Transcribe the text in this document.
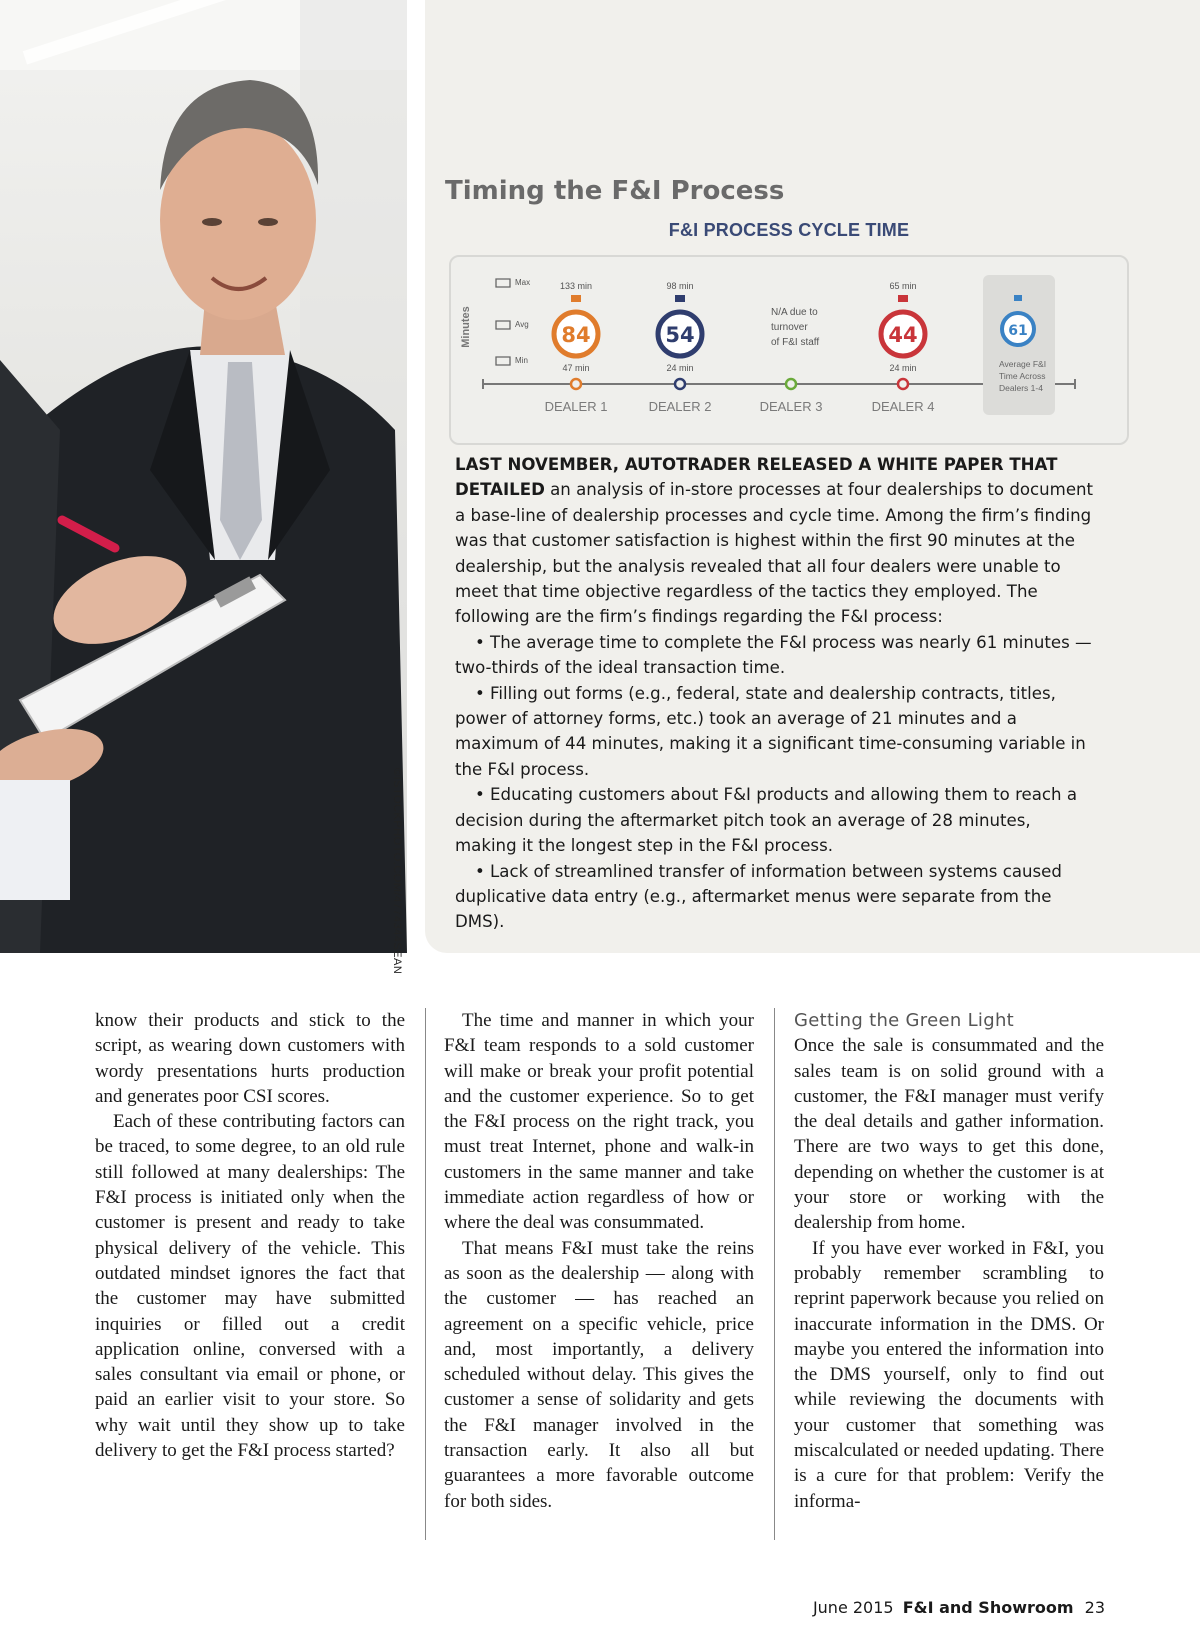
©ISTOCKPHOTO.COM/4774344SEAN
Timing the F&I Process
F&I PROCESS CYCLE TIME
Minutes
Max
Avg
Min
DEALER 1
133 min
84
47 min
DEALER 2
98 min
54
24 min
DEALER 3
N/A due to
turnover
of F&I staff
DEALER 4
65 min
44
24 min
61
Average F&I
Time Across
Dealers 1-4

LAST NOVEMBER, AUTOTRADER RELEASED A WHITE PAPER THAT DETAILED an analysis of in-store processes at four dealerships to document a base-line of dealership processes and cycle time. Among the firm’s finding was that customer satisfaction is highest within the first 90 minutes at the dealership, but the analysis revealed that all four dealers were unable to meet that time objective regardless of the tactics they employed. The following are the firm’s findings regarding the F&I process:

• The average time to complete the F&I process was nearly 61 minutes — two-thirds of the ideal transaction time.

• Filling out forms (e.g., federal, state and dealership contracts, titles, power of attorney forms, etc.) took an average of 21 minutes and a maximum of 44 minutes, making it a significant time-consuming variable in the F&I process.

• Educating customers about F&I products and allowing them to reach a decision during the aftermarket pitch took an average of 28 minutes, making it the longest step in the F&I process.

• Lack of streamlined transfer of information between systems caused duplicative data entry (e.g., aftermarket menus were separate from the DMS).

know their products and stick to the script, as wearing down customers with wordy presentations hurts production and generates poor CSI scores.

Each of these contributing factors can be traced, to some degree, to an old rule still followed at many dealerships: The F&I process is initiated only when the customer is present and ready to take physical delivery of the vehicle. This outdated mindset ignores the fact that the customer may have submitted inquiries or filled out a credit application online, conversed with a sales consultant via email or phone, or paid an earlier visit to your store. So why wait until they show up to take delivery to get the F&I process started?

The time and manner in which your F&I team responds to a sold customer will make or break your profit potential and the customer experience. So to get the F&I process on the right track, you must treat Internet, phone and walk-in customers in the same manner and take immediate action regardless of how or where the deal was consummated.

That means F&I must take the reins as soon as the dealership — along with the customer — has reached an agreement on a specific vehicle, price and, most importantly, a delivery scheduled without delay. This gives the customer a sense of solidarity and gets the F&I manager involved in the transaction early. It also all but guarantees a more favorable outcome for both sides.

Getting the Green Light

Once the sale is consummated and the sales team is on solid ground with a customer, the F&I manager must verify the deal details and gather information. There are two ways to get this done, depending on whether the customer is at your store or working with the dealership from home.

If you have ever worked in F&I, you probably remember scrambling to reprint paperwork because you relied on inaccurate information in the DMS. Or maybe you entered the information into the DMS yourself, only to find out while reviewing the documents with your customer that something was miscalculated or needed updating. There is a cure for that problem: Verify the informa-

June 2015 F&I and Showroom 23
